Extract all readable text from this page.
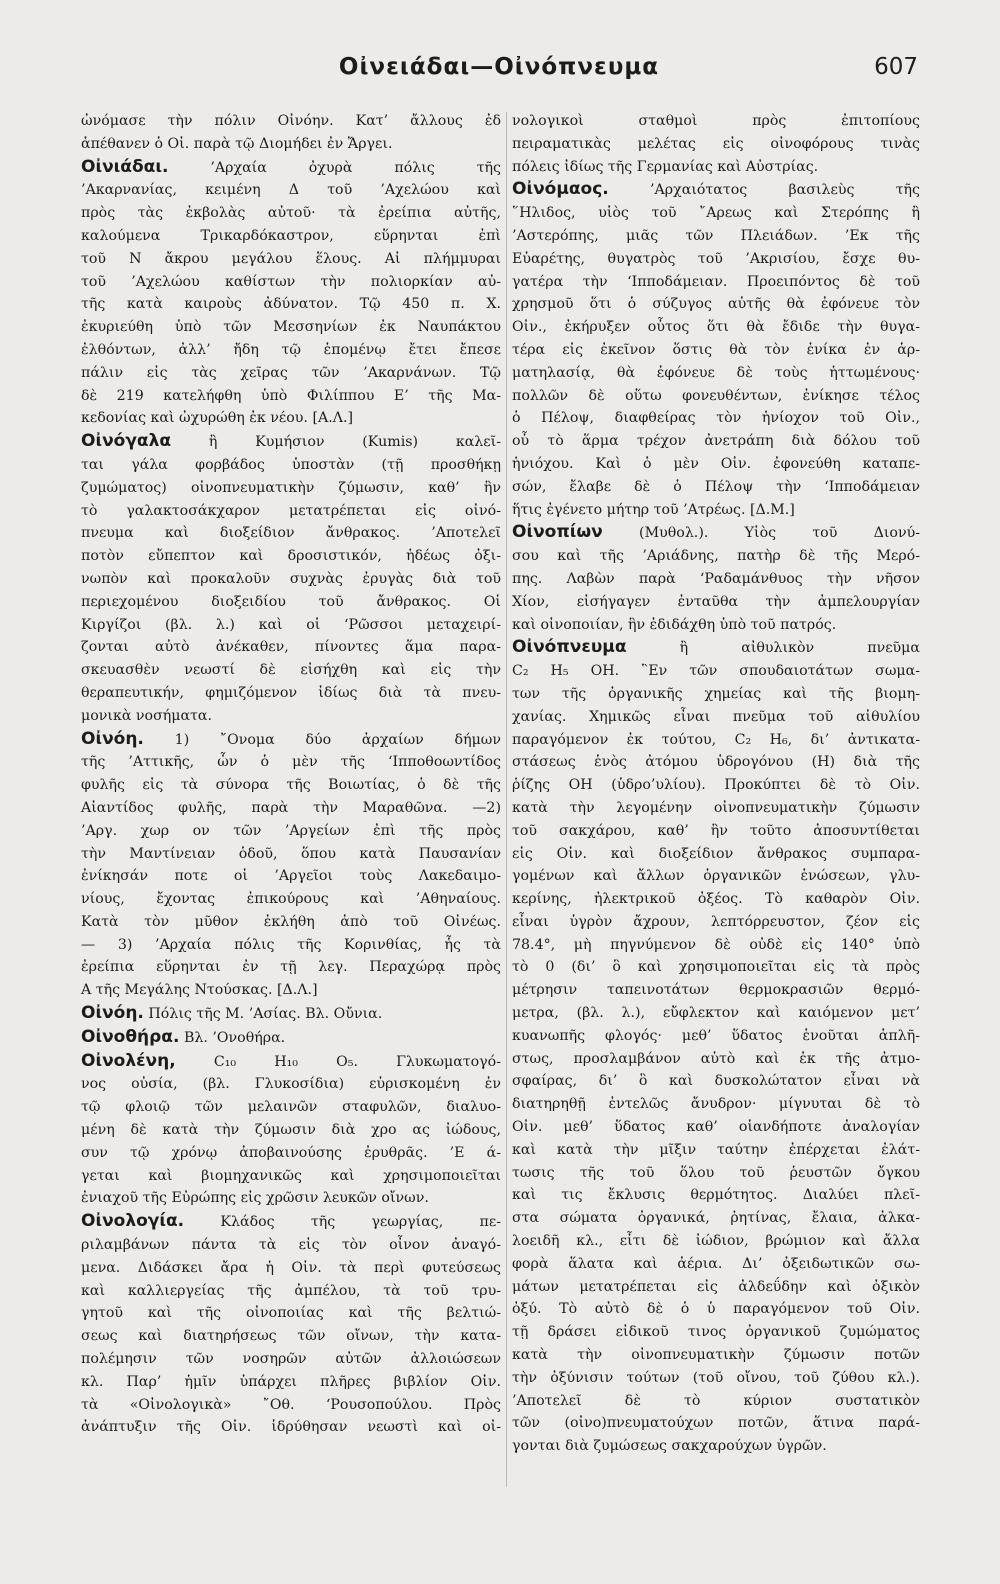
Οἰνειάδαι—Οἰνόπνευμα	607
ὠνόμασε τὴν πόλιν Οἰνόην. Κατ’ ἄλλους ἐδ
ἀπέθανεν ὁ Οἰ. παρὰ τῷ Διομήδει ἐν Ἄργει.
Οἰνιάδαι.	’Αρχαία ὀχυρὰ πόλις τῆς
’Ακαρνανίας, κειμένη Δ τοῦ ’Αχελώου καὶ
πρὸς τὰς ἐκβολὰς αὐτοῦ· τὰ ἐρείπια αὐτῆς,
καλούμενα Τρικαρδόκαστρον, εὕρηνται ἐπὶ
τοῦ Ν ἄκρου μεγάλου ἕλους. Αἱ πλήμμυραι
τοῦ ’Αχελώου καθίστων τὴν πολιορκίαν αὐ-
τῆς κατὰ καιροὺς ἀδύνατον. Τῷ 450 π. Χ.
ἐκυριεύθη ὑπὸ τῶν Μεσσηνίων ἐκ Ναυπάκτου
ἐλθόντων, ἀλλ’ ἤδη τῷ ἑπομένῳ ἔτει ἔπεσε
πάλιν εἰς τὰς χεῖρας τῶν ’Ακαρνάνων. Τῷ
δὲ 219 κατελήφθη ὑπὸ Φιλίππου Ε’ τῆς Μα-
κεδονίας καὶ ὠχυρώθη ἐκ νέου. [Α.Λ.]
Οἰνόγαλα	ἢ Κυμήσιον (Kumis) καλεῖ-
ται γάλα φορβάδος ὑποστὰν (τῇ προσθήκῃ
ζυμώματος) οἰνοπνευματικὴν ζύμωσιν, καθ’ ἣν
τὸ γαλακτοσάκχαρον μετατρέπεται εἰς οἰνό-
πνευμα καὶ διοξείδιον ἄνθρακος. ’Αποτελεῖ
ποτὸν εὔπεπτον καὶ δροσιστικόν, ἡδέως ὀξι-
νωπὸν καὶ προκαλοῦν συχνὰς ἐρυγὰς διὰ τοῦ
περιεχομένου διοξειδίου τοῦ ἄνθρακος. Οἱ
Κιργίζοι (βλ. λ.) καὶ οἱ ‘Ρῶσσοι μεταχειρί-
ζονται αὐτὸ ἀνέκαθεν, πίνοντες ἅμα παρα-
σκευασθὲν νεωστί δὲ εἰσήχθη καὶ εἰς τὴν
θεραπευτικήν, φημιζόμενον ἰδίως διὰ τὰ πνευ-
μονικὰ νοσήματα.
Οἰνόη. 1) ῎Ονομα δύο ἀρχαίων δήμων
τῆς ’Αττικῆς, ὧν ὁ μὲν τῆς ‘Ιπποθοωντίδος
φυλῆς εἰς τὰ σύνορα τῆς Βοιωτίας, ὁ δὲ τῆς
Αἰαντίδος φυλῆς, παρὰ τὴν Μαραθῶνα. —2)
’Αργ. χωρ ον τῶν ’Αργείων ἐπὶ τῆς πρὸς
τὴν Μαντίνειαν ὁδοῦ, ὅπου κατὰ Παυσανίαν
ἐνίκησάν ποτε οἱ ’Αργεῖοι τοὺς Λακεδαιμο-
νίους, ἔχοντας ἐπικούρους καὶ ’Αθηναίους.
Κατὰ τὸν μῦθον ἐκλήθη ἀπὸ τοῦ Οἰνέως.
— 3) ’Αρχαία πόλις τῆς Κορινθίας, ἧς τὰ
ἐρείπια εὕρηνται ἐν τῇ λεγ. Περαχώρᾳ πρὸς
Α τῆς Μεγάλης Ντούσκας. [Δ.Λ.]
Οἰνόη. Πόλις τῆς Μ. ’Ασίας. Βλ. Οὔνια.
Οἰνοθήρα. Βλ. ’Ονοθήρα.
Οἰνολένη,	C₁₀ H₁₀ O₅. Γλυκωματογό-
νος οὐσία, (βλ. Γλυκοσίδια) εὑρισκομένη ἐν
τῷ φλοιῷ τῶν μελαινῶν σταφυλῶν, διαλυο-
μένη δὲ κατὰ τὴν ζύμωσιν διὰ χρο ας ἰώδους,
συν τῷ χρόνῳ ἀποβαινούσης ἐρυθρᾶς. ’Ε ά-
γεται καὶ βιομηχανικῶς καὶ χρησιμοποιεῖται
ἐνιαχοῦ τῆς Εὐρώπης εἰς χρῶσιν λευκῶν οἴνων.
Οἰνολογία.	Κλάδος τῆς γεωργίας, πε-
ριλαμβάνων πάντα τὰ εἰς τὸν οἶνον ἀναγό-
μενα. Διδάσκει ἄρα ἡ Οἰν. τὰ περὶ φυτεύσεως
καὶ καλλιεργείας τῆς ἀμπέλου, τὰ τοῦ τρυ-
γητοῦ καὶ τῆς οἰνοποιίας καὶ τῆς βελτιώ-
σεως καὶ διατηρήσεως τῶν οἴνων, τὴν κατα-
πολέμησιν τῶν νοσηρῶν αὐτῶν ἀλλοιώσεων
κλ. Παρ’ ἡμῖν ὑπάρχει πλῆρες βιβλίον Οἰν.
τὰ «Οἰνολογικὰ» ῎Οθ. ‘Ρουσοπούλου. Πρὸς
ἀνάπτυξιν τῆς Οἰν. ἱδρύθησαν νεωστὶ καὶ οἰ-
νολογικοὶ σταθμοὶ πρὸς ἐπιτοπίους
πειραματικὰς μελέτας εἰς οἰνοφόρους τινὰς
πόλεις ἰδίως τῆς Γερμανίας καὶ Αὐστρίας.
Οἰνόμαος.	’Αρχαιότατος βασιλεὺς τῆς
῞Ηλιδος, υἱὸς τοῦ ῎Αρεως καὶ Στερόπης ἢ
’Αστερόπης, μιᾶς τῶν Πλειάδων. ’Εκ τῆς
Εὐαρέτης, θυγατρὸς τοῦ ’Ακρισίου, ἔσχε θυ-
γατέρα τὴν ‘Ιπποδάμειαν. Προειπόντος δὲ τοῦ
χρησμοῦ ὅτι ὁ σύζυγος αὐτῆς θὰ ἐφόνευε τὸν
Οἰν., ἐκήρυξεν οὗτος ὅτι θὰ ἔδιδε τὴν θυγα-
τέρα εἰς ἐκεῖνον ὅστις θὰ τὸν ἐνίκα ἐν ἁρ-
ματηλασίᾳ, θὰ ἐφόνευε δὲ τοὺς ἡττωμένους·
πολλῶν δὲ οὕτω φονευθέντων, ἐνίκησε τέλος
ὁ Πέλοψ, διαφθείρας τὸν ἡνίοχον τοῦ Οἰν.,
οὗ τὸ ἅρμα τρέχον ἀνετράπη διὰ δόλου τοῦ
ἡνιόχου. Καὶ ὁ μὲν Οἰν. ἐφονεύθη καταπε-
σών, ἔλαβε δὲ ὁ Πέλοψ τὴν ‘Ιπποδάμειαν
ἥτις ἐγένετο μήτηρ τοῦ ’Ατρέως. [Δ.Μ.]
Οἰνοπίων	(Μυθολ.). Υἱὸς τοῦ Διονύ-
σου καὶ τῆς ’Αριάδνης, πατὴρ δὲ τῆς Μερό-
πης. Λαβὼν παρὰ ‘Ραδαμάνθυος τὴν νῆσον
Χίον, εἰσήγαγεν ἐνταῦθα τὴν ἀμπελουργίαν
καὶ οἰνοποιίαν, ἣν ἐδιδάχθη ὑπὸ τοῦ πατρός.
Οἰνόπνευμα	ἢ αἰθυλικὸν πνεῦμα
C₂ H₅ OH. ῝Εν τῶν σπουδαιοτάτων σωμα-
των τῆς ὀργανικῆς χημείας καὶ τῆς βιομη-
χανίας. Χημικῶς εἶναι πνεῦμα τοῦ αἰθυλίου
παραγόμενον ἐκ τούτου, C₂ H₆, δι’ ἀντικατα-
στάσεως ἑνὸς ἀτόμου ὑδρογόνου (H) διὰ τῆς
ῥίζης OH (ὑδρο’υλίου). Προκύπτει δὲ τὸ Οἰν.
κατὰ τὴν λεγομένην οἰνοπνευματικὴν ζύμωσιν
τοῦ σακχάρου, καθ’ ἣν τοῦτο ἀποσυντίθεται
εἰς Οἰν. καὶ διοξείδιον ἄνθρακος συμπαρα-
γομένων καὶ ἄλλων ὀργανικῶν ἑνώσεων, γλυ-
κερίνης, ἠλεκτρικοῦ ὀξέος. Τὸ καθαρὸν Οἰν.
εἶναι ὑγρὸν ἄχρουν, λεπτόρρευστον, ζέον εἰς
78.4°, μὴ πηγνύμενον δὲ οὐδὲ εἰς 140° ὑπὸ
τὸ 0 (δι’ ὃ καὶ χρησιμοποιεῖται εἰς τὰ πρὸς
μέτρησιν ταπεινοτάτων θερμοκρασιῶν θερμό-
μετρα, (βλ. λ.), εὔφλεκτον καὶ καιόμενον μετ’
κυανωπῆς φλογός· μεθ’ ὕδατος ἑνοῦται ἁπλῆ-
στως, προσλαμβάνον αὐτὸ καὶ ἐκ τῆς ἀτμο-
σφαίρας, δι’ ὃ καὶ δυσκολώτατον εἶναι νὰ
διατηρηθῇ ἐντελῶς ἄνυδρον· μίγνυται δὲ τὸ
Οἰν. μεθ’ ὕδατος καθ’ οἱανδήποτε ἀναλογίαν
καὶ κατὰ τὴν μῖξιν ταύτην ἐπέρχεται ἐλάτ-
τωσις τῆς τοῦ ὅλου τοῦ ῥευστῶν ὄγκου
καὶ τις ἔκλυσις θερμότητος. Διαλύει πλεῖ-
στα σώματα ὀργανικά, ῥητίνας, ἔλαια, ἀλκα-
λοειδῆ κλ., εἶτι δὲ ἰώδιον, βρώμιον καὶ ἄλλα
φορὰ ἅλατα καὶ ἀέρια. Δι’ ὀξειδωτικῶν σω-
μάτων μετατρέπεται εἰς ἀλδεΰδην καὶ ὀξικὸν
ὀξύ. Τὸ αὐτὸ δὲ ὁ ὑ παραγόμενον τοῦ Οἰν.
τῇ δράσει εἰδικοῦ τινος ὀργανικοῦ ζυμώματος
κατὰ τὴν οἰνοπνευματικὴν ζύμωσιν ποτῶν
τὴν ὀξύνισιν τούτων (τοῦ οἴνου, τοῦ ζύθου κλ.).
’Αποτελεῖ δὲ τὸ κύριον συστατικὸν
τῶν (οἰνο)πνευματούχων ποτῶν, ἅτινα παρά-
γονται διὰ ζυμώσεως σακχαρούχων ὑγρῶν.
